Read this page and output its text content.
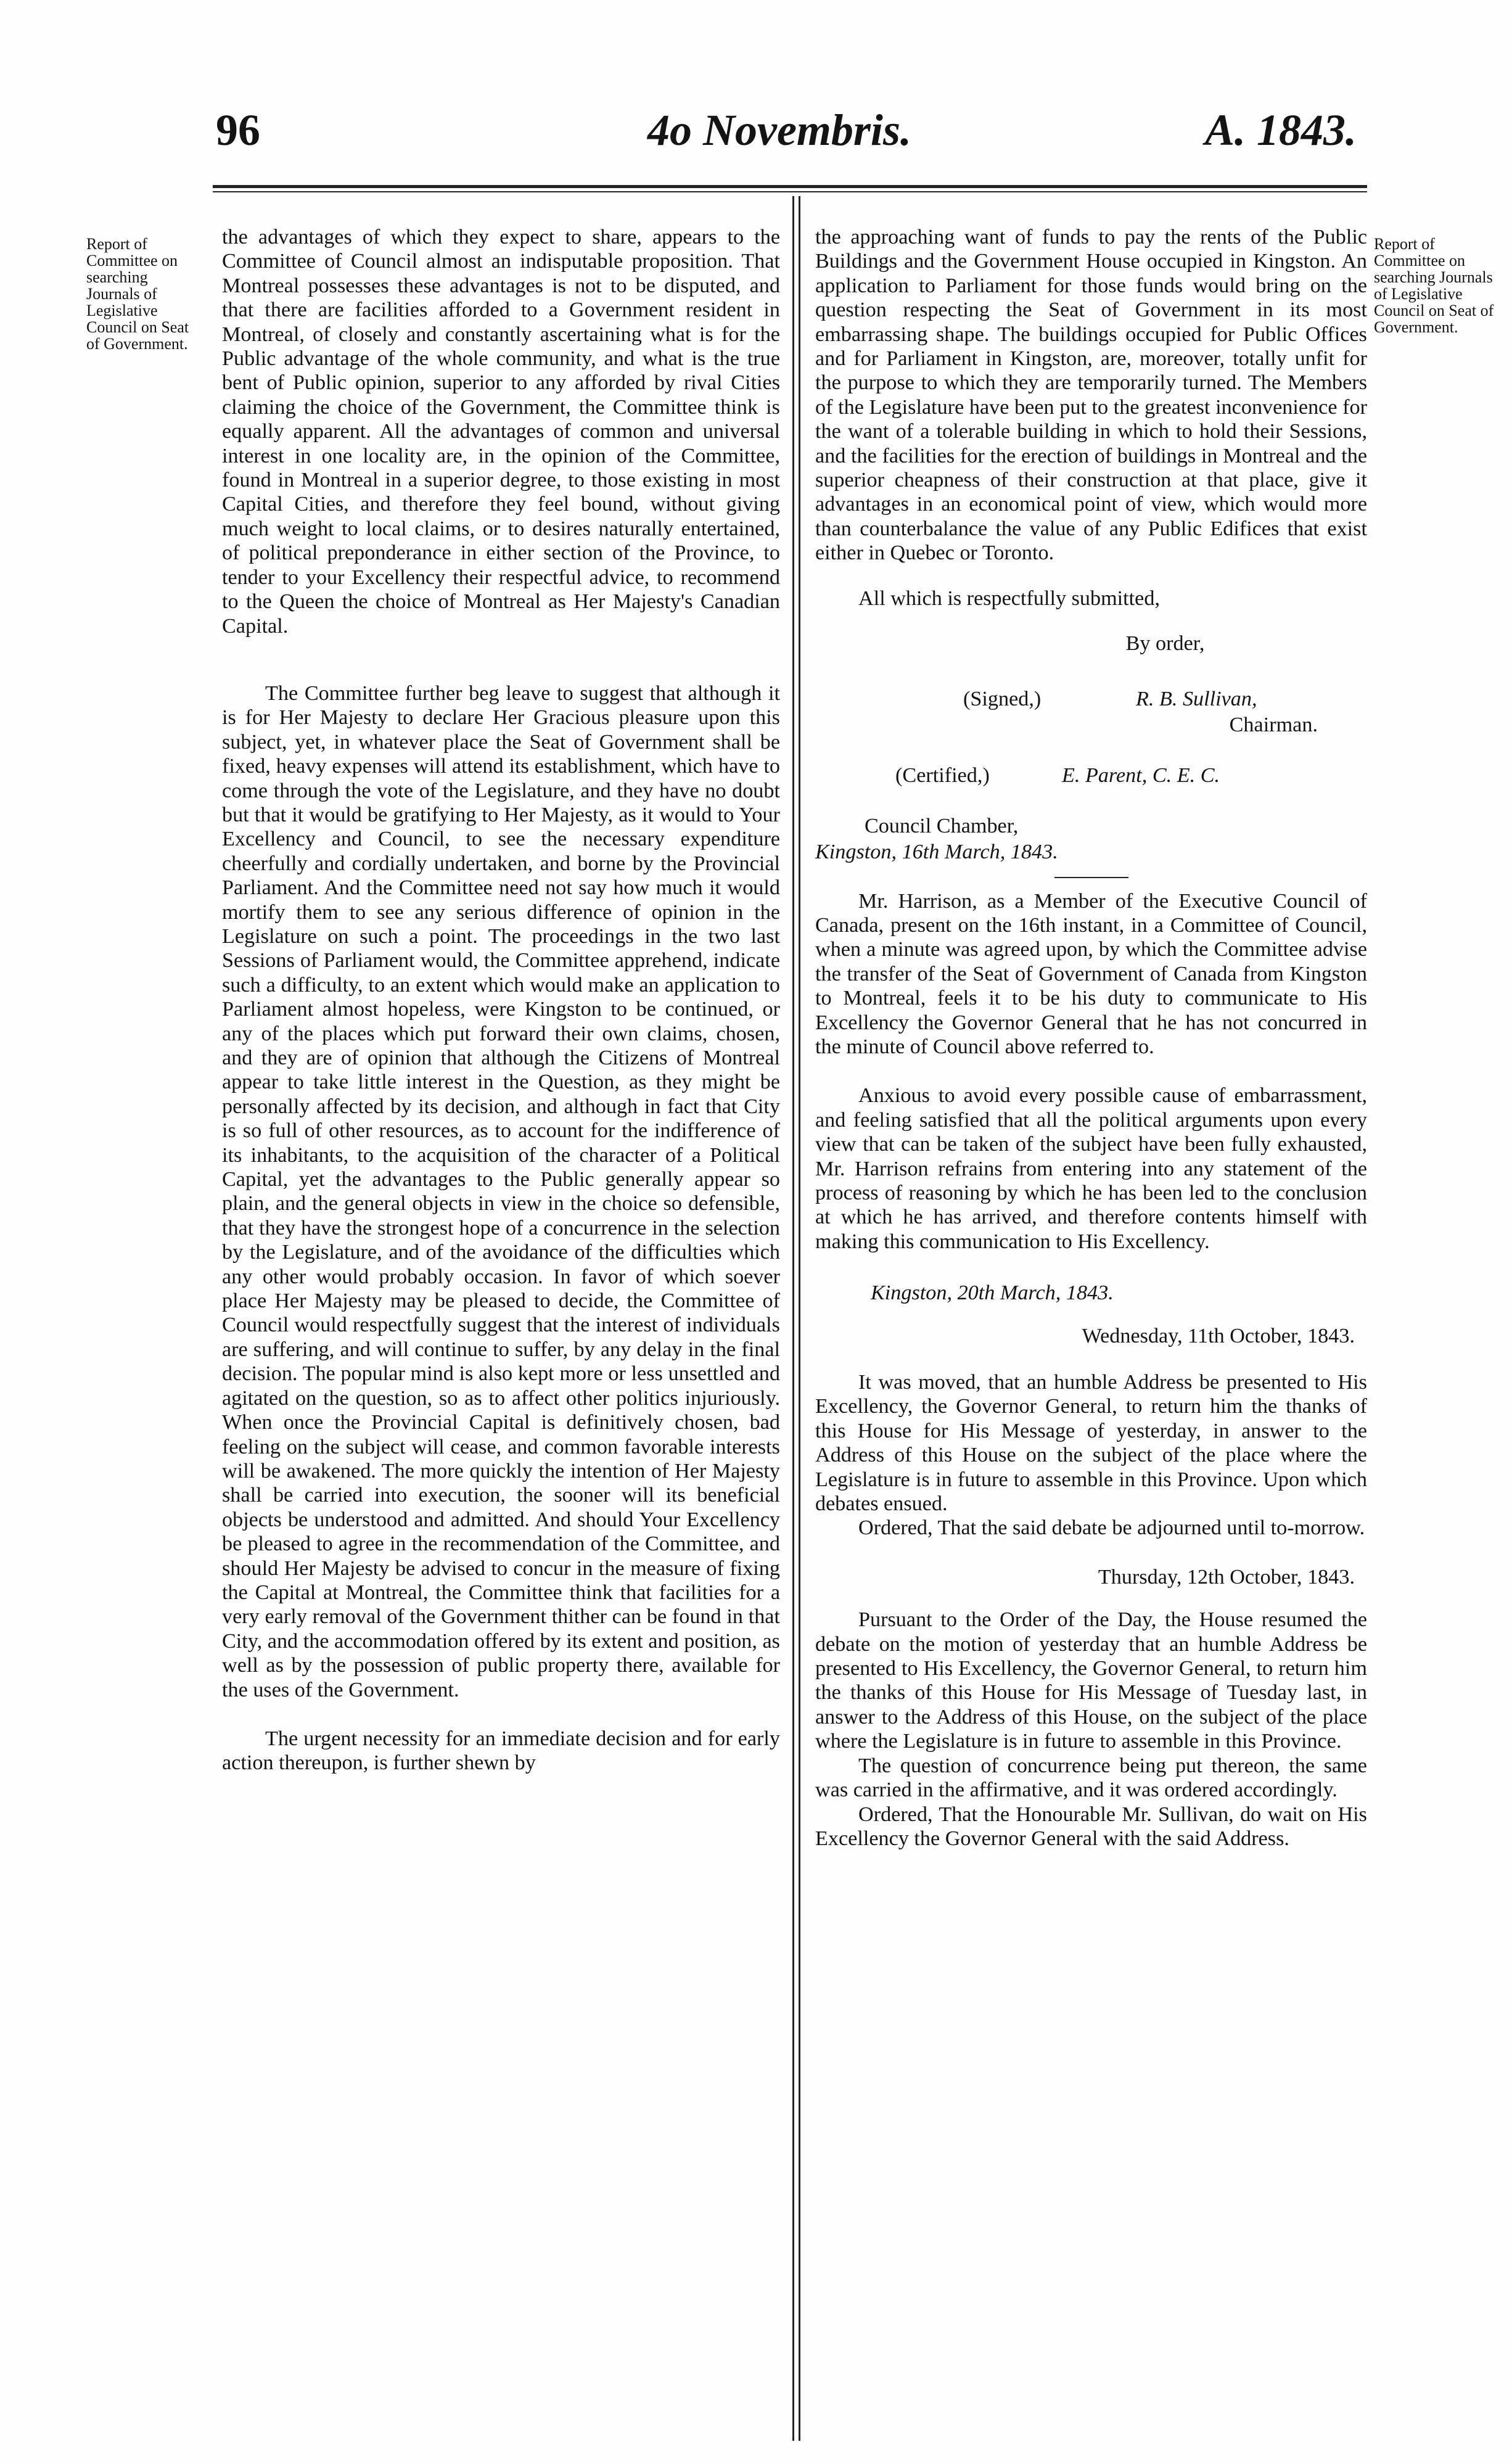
96	4o Novembris.	A. 1843.
Report of Committee on searching Journals of Legislative Council on Seat of Government.
Report of Committee on searching Journals of Legislative Council on Seat of Government.

the advantages of which they expect to share, appears to the Committee of Council almost an indisputable proposition. That Montreal possesses these advantages is not to be disputed, and that there are facilities afforded to a Government resident in Montreal, of closely and constantly ascertaining what is for the Public advantage of the whole community, and what is the true bent of Public opinion, superior to any afforded by rival Cities claiming the choice of the Government, the Committee think is equally apparent. All the advantages of common and universal interest in one locality are, in the opinion of the Committee, found in Montreal in a superior degree, to those existing in most Capital Cities, and therefore they feel bound, without giving much weight to local claims, or to desires naturally entertained, of political preponderance in either section of the Province, to tender to your Excellency their respectful advice, to recommend to the Queen the choice of Montreal as Her Majesty's Canadian Capital.

The Committee further beg leave to suggest that although it is for Her Majesty to declare Her Gracious pleasure upon this subject, yet, in whatever place the Seat of Government shall be fixed, heavy expenses will attend its establishment, which have to come through the vote of the Legislature, and they have no doubt but that it would be gratifying to Her Majesty, as it would to Your Excellency and Council, to see the necessary expenditure cheerfully and cordially undertaken, and borne by the Provincial Parliament. And the Committee need not say how much it would mortify them to see any serious difference of opinion in the Legislature on such a point. The proceedings in the two last Sessions of Parliament would, the Committee apprehend, indicate such a difficulty, to an extent which would make an application to Parliament almost hopeless, were Kingston to be continued, or any of the places which put forward their own claims, chosen, and they are of opinion that although the Citizens of Montreal appear to take little interest in the Question, as they might be personally affected by its decision, and although in fact that City is so full of other resources, as to account for the indifference of its inhabitants, to the acquisition of the character of a Political Capital, yet the advantages to the Public generally appear so plain, and the general objects in view in the choice so defensible, that they have the strongest hope of a concurrence in the selection by the Legislature, and of the avoidance of the difficulties which any other would probably occasion. In favor of which soever place Her Majesty may be pleased to decide, the Committee of Council would respectfully suggest that the interest of individuals are suffering, and will continue to suffer, by any delay in the final decision. The popular mind is also kept more or less unsettled and agitated on the question, so as to affect other politics injuriously. When once the Provincial Capital is definitively chosen, bad feeling on the subject will cease, and common favorable interests will be awakened. The more quickly the intention of Her Majesty shall be carried into execution, the sooner will its beneficial objects be understood and admitted. And should Your Excellency be pleased to agree in the recommendation of the Committee, and should Her Majesty be advised to concur in the measure of fixing the Capital at Montreal, the Committee think that facilities for a very early removal of the Government thither can be found in that City, and the accommodation offered by its extent and position, as well as by the possession of public property there, available for the uses of the Government.

The urgent necessity for an immediate decision and for early action thereupon, is further shewn by

the approaching want of funds to pay the rents of the Public Buildings and the Government House occupied in Kingston. An application to Parliament for those funds would bring on the question respecting the Seat of Government in its most embarrassing shape. The buildings occupied for Public Offices and for Parliament in Kingston, are, moreover, totally unfit for the purpose to which they are temporarily turned. The Members of the Legislature have been put to the greatest inconvenience for the want of a tolerable building in which to hold their Sessions, and the facilities for the erection of buildings in Montreal and the superior cheapness of their construction at that place, give it advantages in an economical point of view, which would more than counterbalance the value of any Public Edifices that exist either in Quebec or Toronto.

All which is respectfully submitted,

By order,

(Signed,)	R. B. Sullivan,
Chairman.
(Certified,)	E. Parent, C. E. C.
Council Chamber,
Kingston, 16th March, 1843.

Mr. Harrison, as a Member of the Executive Council of Canada, present on the 16th instant, in a Committee of Council, when a minute was agreed upon, by which the Committee advise the transfer of the Seat of Government of Canada from Kingston to Montreal, feels it to be his duty to communicate to His Excellency the Governor General that he has not concurred in the minute of Council above referred to.

Anxious to avoid every possible cause of embarrassment, and feeling satisfied that all the political arguments upon every view that can be taken of the subject have been fully exhausted, Mr. Harrison refrains from entering into any statement of the process of reasoning by which he has been led to the conclusion at which he has arrived, and therefore contents himself with making this communication to His Excellency.

Kingston, 20th March, 1843.

Wednesday, 11th October, 1843.

It was moved, that an humble Address be presented to His Excellency, the Governor General, to return him the thanks of this House for His Message of yesterday, in answer to the Address of this House on the subject of the place where the Legislature is in future to assemble in this Province. Upon which debates ensued.

Ordered, That the said debate be adjourned until to-morrow.

Thursday, 12th October, 1843.

Pursuant to the Order of the Day, the House resumed the debate on the motion of yesterday that an humble Address be presented to His Excellency, the Governor General, to return him the thanks of this House for His Message of Tuesday last, in answer to the Address of this House, on the subject of the place where the Legislature is in future to assemble in this Province.

The question of concurrence being put thereon, the same was carried in the affirmative, and it was ordered accordingly.

Ordered, That the Honourable Mr. Sullivan, do wait on His Excellency the Governor General with the said Address.
